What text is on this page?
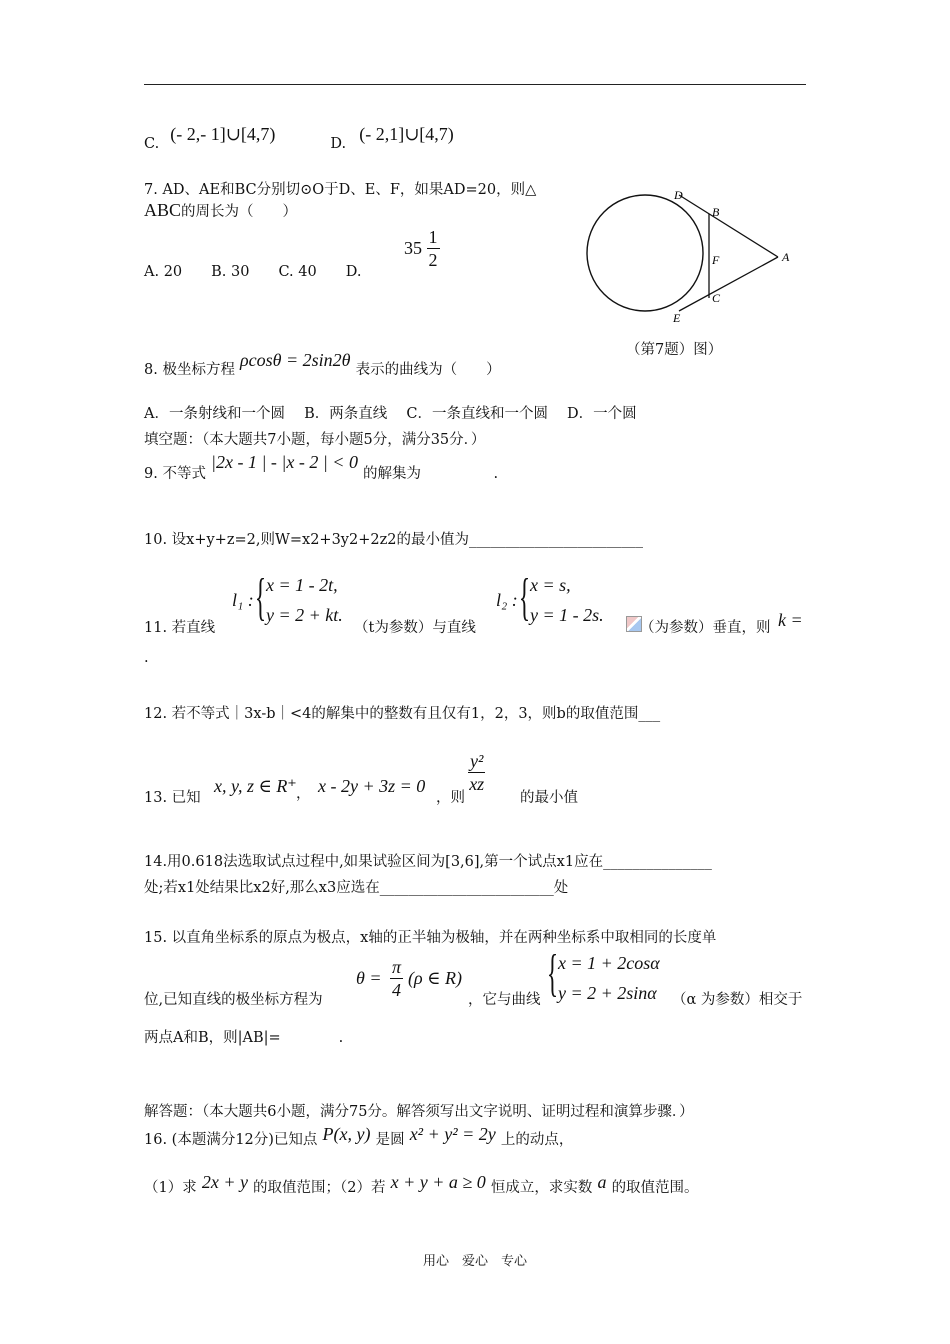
C. (- 2,- 1]∪[4,7)	D. (- 2,1]∪[4,7)
7. AD、AE和BC分别切⊙O于D、E、F，如果AD=20，则△
ABC的周长为（　　）
A. 20　　B. 30　　C. 40　　D.
$35 \frac{1}{2}$
D
B
F	A
C
E
（第7题）图）
8. 极坐标方程 ρcosθ = 2sin2θ 表示的曲线为（　　）
A．一条射线和一个圆　 B．两条直线　 C．一条直线和一个圆　 D．一个圆
填空题：（本大题共7小题，每小题5分，满分35分．）
9. 不等式 |2x - 1 | - |x - 2 | < 0 的解集为　　　　　.
10. 设x+y+z=2,则W=x2+3y2+2z2的最小值为________________________
11. 若直线
l₁ : { x = 1 - 2t,
y = 2 + kt.
（t为参数）与直线
l₂ : { x = s,
y = 1 - 2s.
（为参数）垂直，则 k =
.
12. 若不等式｜3x-b｜<4的解集中的整数有且仅有1，2，3，则b的取值范围___
13. 已知
x, y, z ∈ R⁺ ， x - 2y + 3z = 0
，则
$\frac{\text{y²}}{xz}$
的最小值
14.用0.618法选取试点过程中,如果试验区间为[3,6],第一个试点x1应在_______________
处;若x1处结果比x2好,那么x3应选在________________________处
15. 以直角坐标系的原点为极点，x轴的正半轴为极轴，并在两种坐标系中取相同的长度单
位,已知直线的极坐标方程为
$\theta = \frac{\pi}{4} (\rho$ ∈ R)
，它与曲线 { x = 1 + 2cosα
y = 2 + 2sinα （α 为参数）相交于
两点A和B，则|AB|=　　　　.
解答题：（本大题共6小题，满分75分。解答须写出文字说明、证明过程和演算步骤．）
16. (本题满分12分)已知点 P(x, y) 是圆 x² + y² = 2y 上的动点，
（1）求 2x + y 的取值范围；（2）若 x + y + a ≥ 0 恒成立，求实数 a 的取值范围。
用心　爱心　专心
